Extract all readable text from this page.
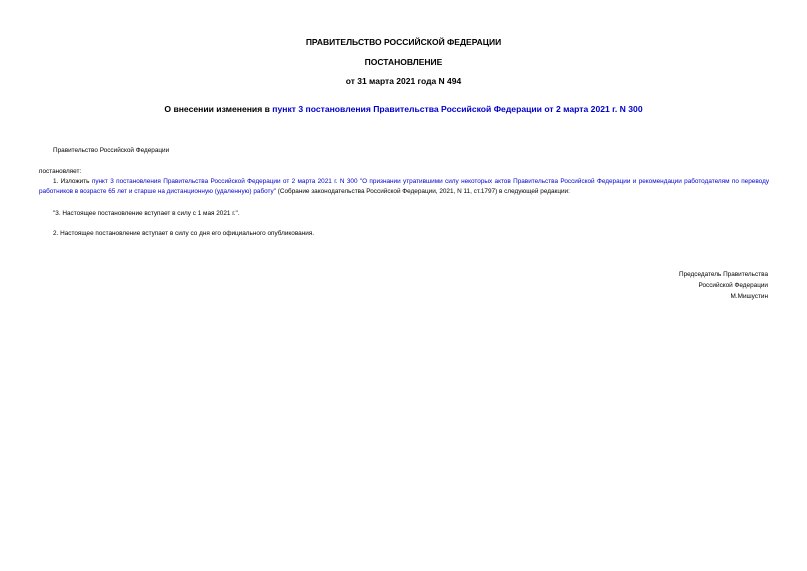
ПРАВИТЕЛЬСТВО РОССИЙСКОЙ ФЕДЕРАЦИИ
ПОСТАНОВЛЕНИЕ
от 31 марта 2021 года N 494
О внесении изменения в пункт 3 постановления Правительства Российской Федерации от 2 марта 2021 г. N 300
Правительство Российской Федерации
постановляет:
1. Изложить пункт 3 постановления Правительства Российской Федерации от 2 марта 2021 г. N 300 "О признании утратившими силу некоторых актов Правительства Российской Федерации и рекомендации работодателям по переводу работников в возрасте 65 лет и старше на дистанционную (удаленную) работу" (Собрание законодательства Российской Федерации, 2021, N 11, ст.1797) в следующей редакции:
"3. Настоящее постановление вступает в силу с 1 мая 2021 г.".
2. Настоящее постановление вступает в силу со дня его официального опубликования.
Председатель Правительства
Российской Федерации
М.Мишустин
